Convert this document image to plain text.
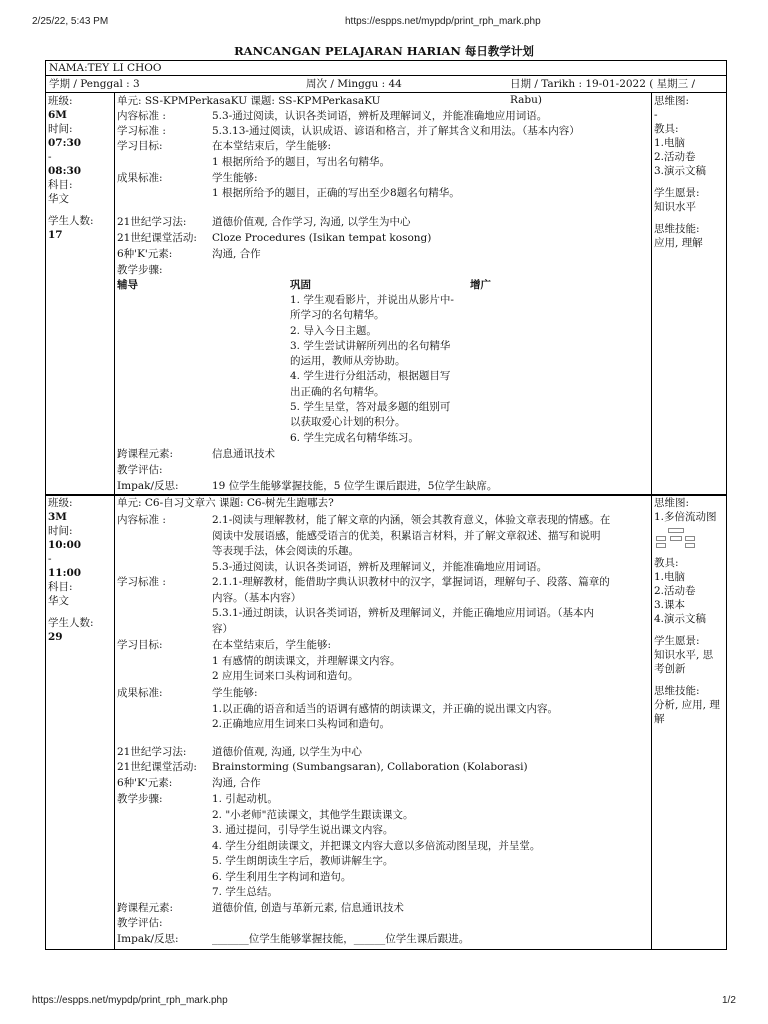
2/25/22, 5:43 PM	https://espps.net/mypdp/print_rph_mark.php
RANCANGAN PELAJARAN HARIAN 每日教学计划
NAMA:TEY LI CHOO
学期 / Penggal : 3	周次 / Minggu : 44	日期 / Tarikh : 19-01-2022 ( 星期三 / Rabu)
班级:
6M
时间:
07:30
-
08:30
科目:
华文
学生人数:
17
单元: SS-KPMPerkasaKU 课题: SS-KPMPerkasaKU
内容标准 :	5.3-通过阅读，认识各类词语，辨析及理解词义，并能准确地应用词语。
学习标准 :	5.3.13-通过阅读，认识成语、谚语和格言，并了解其含义和用法。（基本内容）
学习目标:	在本堂结束后，学生能够:
1 根据所给予的题目，写出名句精华。
成果标准:	学生能够:
1 根据所给予的题目，正确的写出至少8题名句精华。
21世纪学习法: 道德价值观, 合作学习, 沟通, 以学生为中心
21世纪课堂活动: Cloze Procedures (Isikan tempat kosong)
6种'K'元素:	沟通, 合作
教学步骤:
辅导	巩固	增广
1. 学生观看影片，并说出从影片中-
所学习的名句精华。
2. 导入今日主题。
3. 学生尝试讲解所列出的名句精华
的运用，教师从旁协助。
4. 学生进行分组活动，根据题目写
出正确的名句精华。
5. 学生呈堂，答对最多题的组别可
以获取爱心计划的积分。
6. 学生完成名句精华练习。
跨课程元素:	信息通讯技术
教学评估:
Impak/反思:	19 位学生能够掌握技能，5 位学生课后跟进，5位学生缺席。
思维图:
-
教具:
1.电脑
2.活动卷
3.演示文稿
学生愿景:
知识水平
思维技能:
应用, 理解
班级:
3M
时间:
10:00
-
11:00
科目:
华文
学生人数:
29
单元: C6-自习文章六 课题: C6-树先生跑哪去?
内容标准 :	2.1-阅读与理解教材，能了解文章的内涵，领会其教育意义，体验文章表现的情感。在
阅读中发展语感，能感受语言的优美，积累语言材料，并了解文章叙述、描写和说明
等表现手法，体会阅读的乐趣。
5.3-通过阅读，认识各类词语，辨析及理解词义，并能准确地应用词语。
学习标准 :	2.1.1-理解教材，能借助字典认识教材中的汉字，掌握词语，理解句子、段落、篇章的
内容。（基本内容）
5.3.1-通过朗读，认识各类词语，辨析及理解词义，并能正确地应用词语。（基本内
容）
学习目标:	在本堂结束后，学生能够:
1 有感情的朗读课文，并理解课文内容。
2 应用生词来口头构词和造句。
成果标准:	学生能够:
1.以正确的语音和适当的语调有感情的朗读课文，并正确的说出课文内容。
2.正确地应用生词来口头构词和造句。
21世纪学习法: 道德价值观, 沟通, 以学生为中心
21世纪课堂活动: Brainstorming (Sumbangsaran), Collaboration (Kolaborasi)
6种'K'元素:	沟通, 合作
教学步骤:	1. 引起动机。
2. "小老师"范读课文，其他学生跟读课文。
3. 通过提问，引导学生说出课文内容。
4. 学生分组朗读课文，并把课文内容大意以多倍流动图呈现，并呈堂。
5. 学生朗朗读生字后，教师讲解生字。
6. 学生利用生字构词和造句。
7. 学生总结。
跨课程元素:	道德价值, 创造与革新元素, 信息通讯技术
教学评估:
Impak/反思:	_______位学生能够掌握技能，______位学生课后跟进。
思维图:
1.多倍流动图
教具:
1.电脑
2.活动卷
3.课本
4.演示文稿
学生愿景:
知识水平, 思
考创新
思维技能:
分析, 应用, 理
解
https://espps.net/mypdp/print_rph_mark.php	1/2
